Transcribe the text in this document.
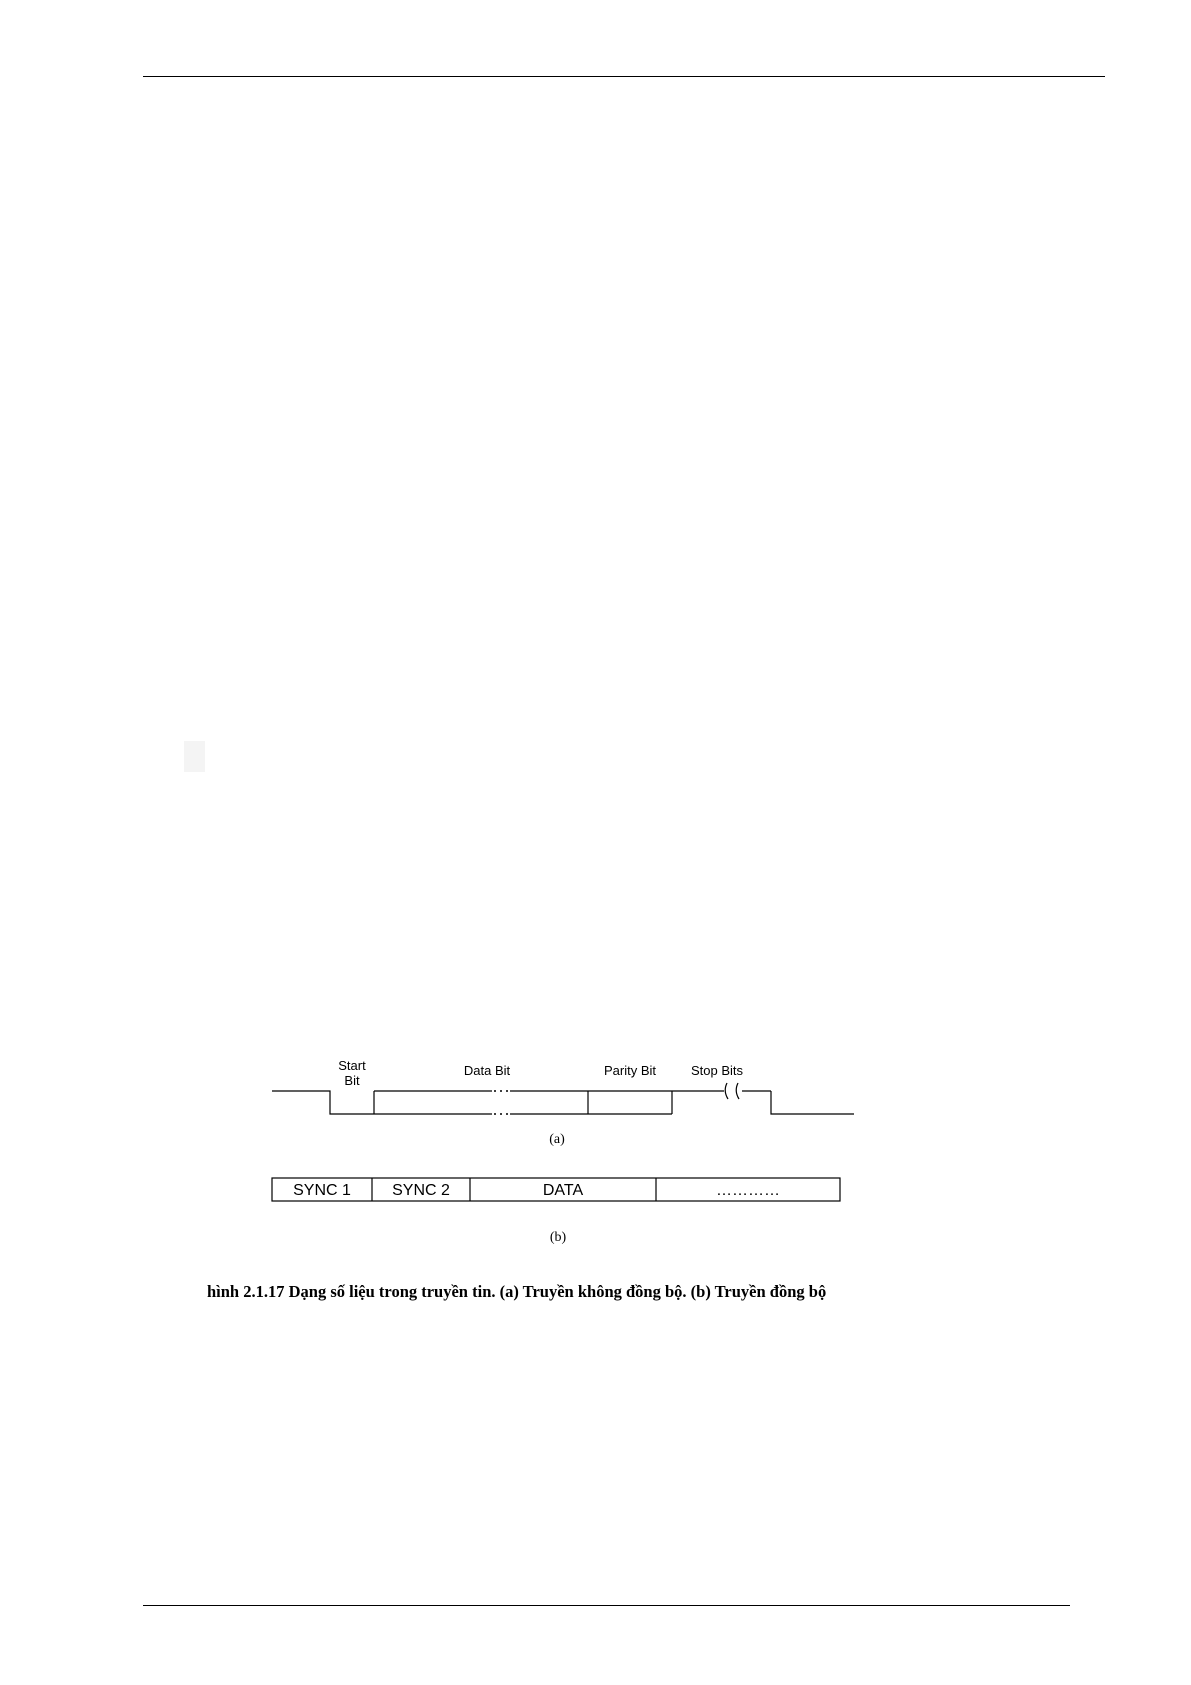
Start
Bit
Data Bit	Parity Bit	Stop Bits
SYNC 1	SYNC 2	DATA	…………
(a)
(b)
hình 2.1.17 Dạng số liệu trong truyền tin. (a) Truyền không đồng bộ. (b) Truyền đồng bộ
